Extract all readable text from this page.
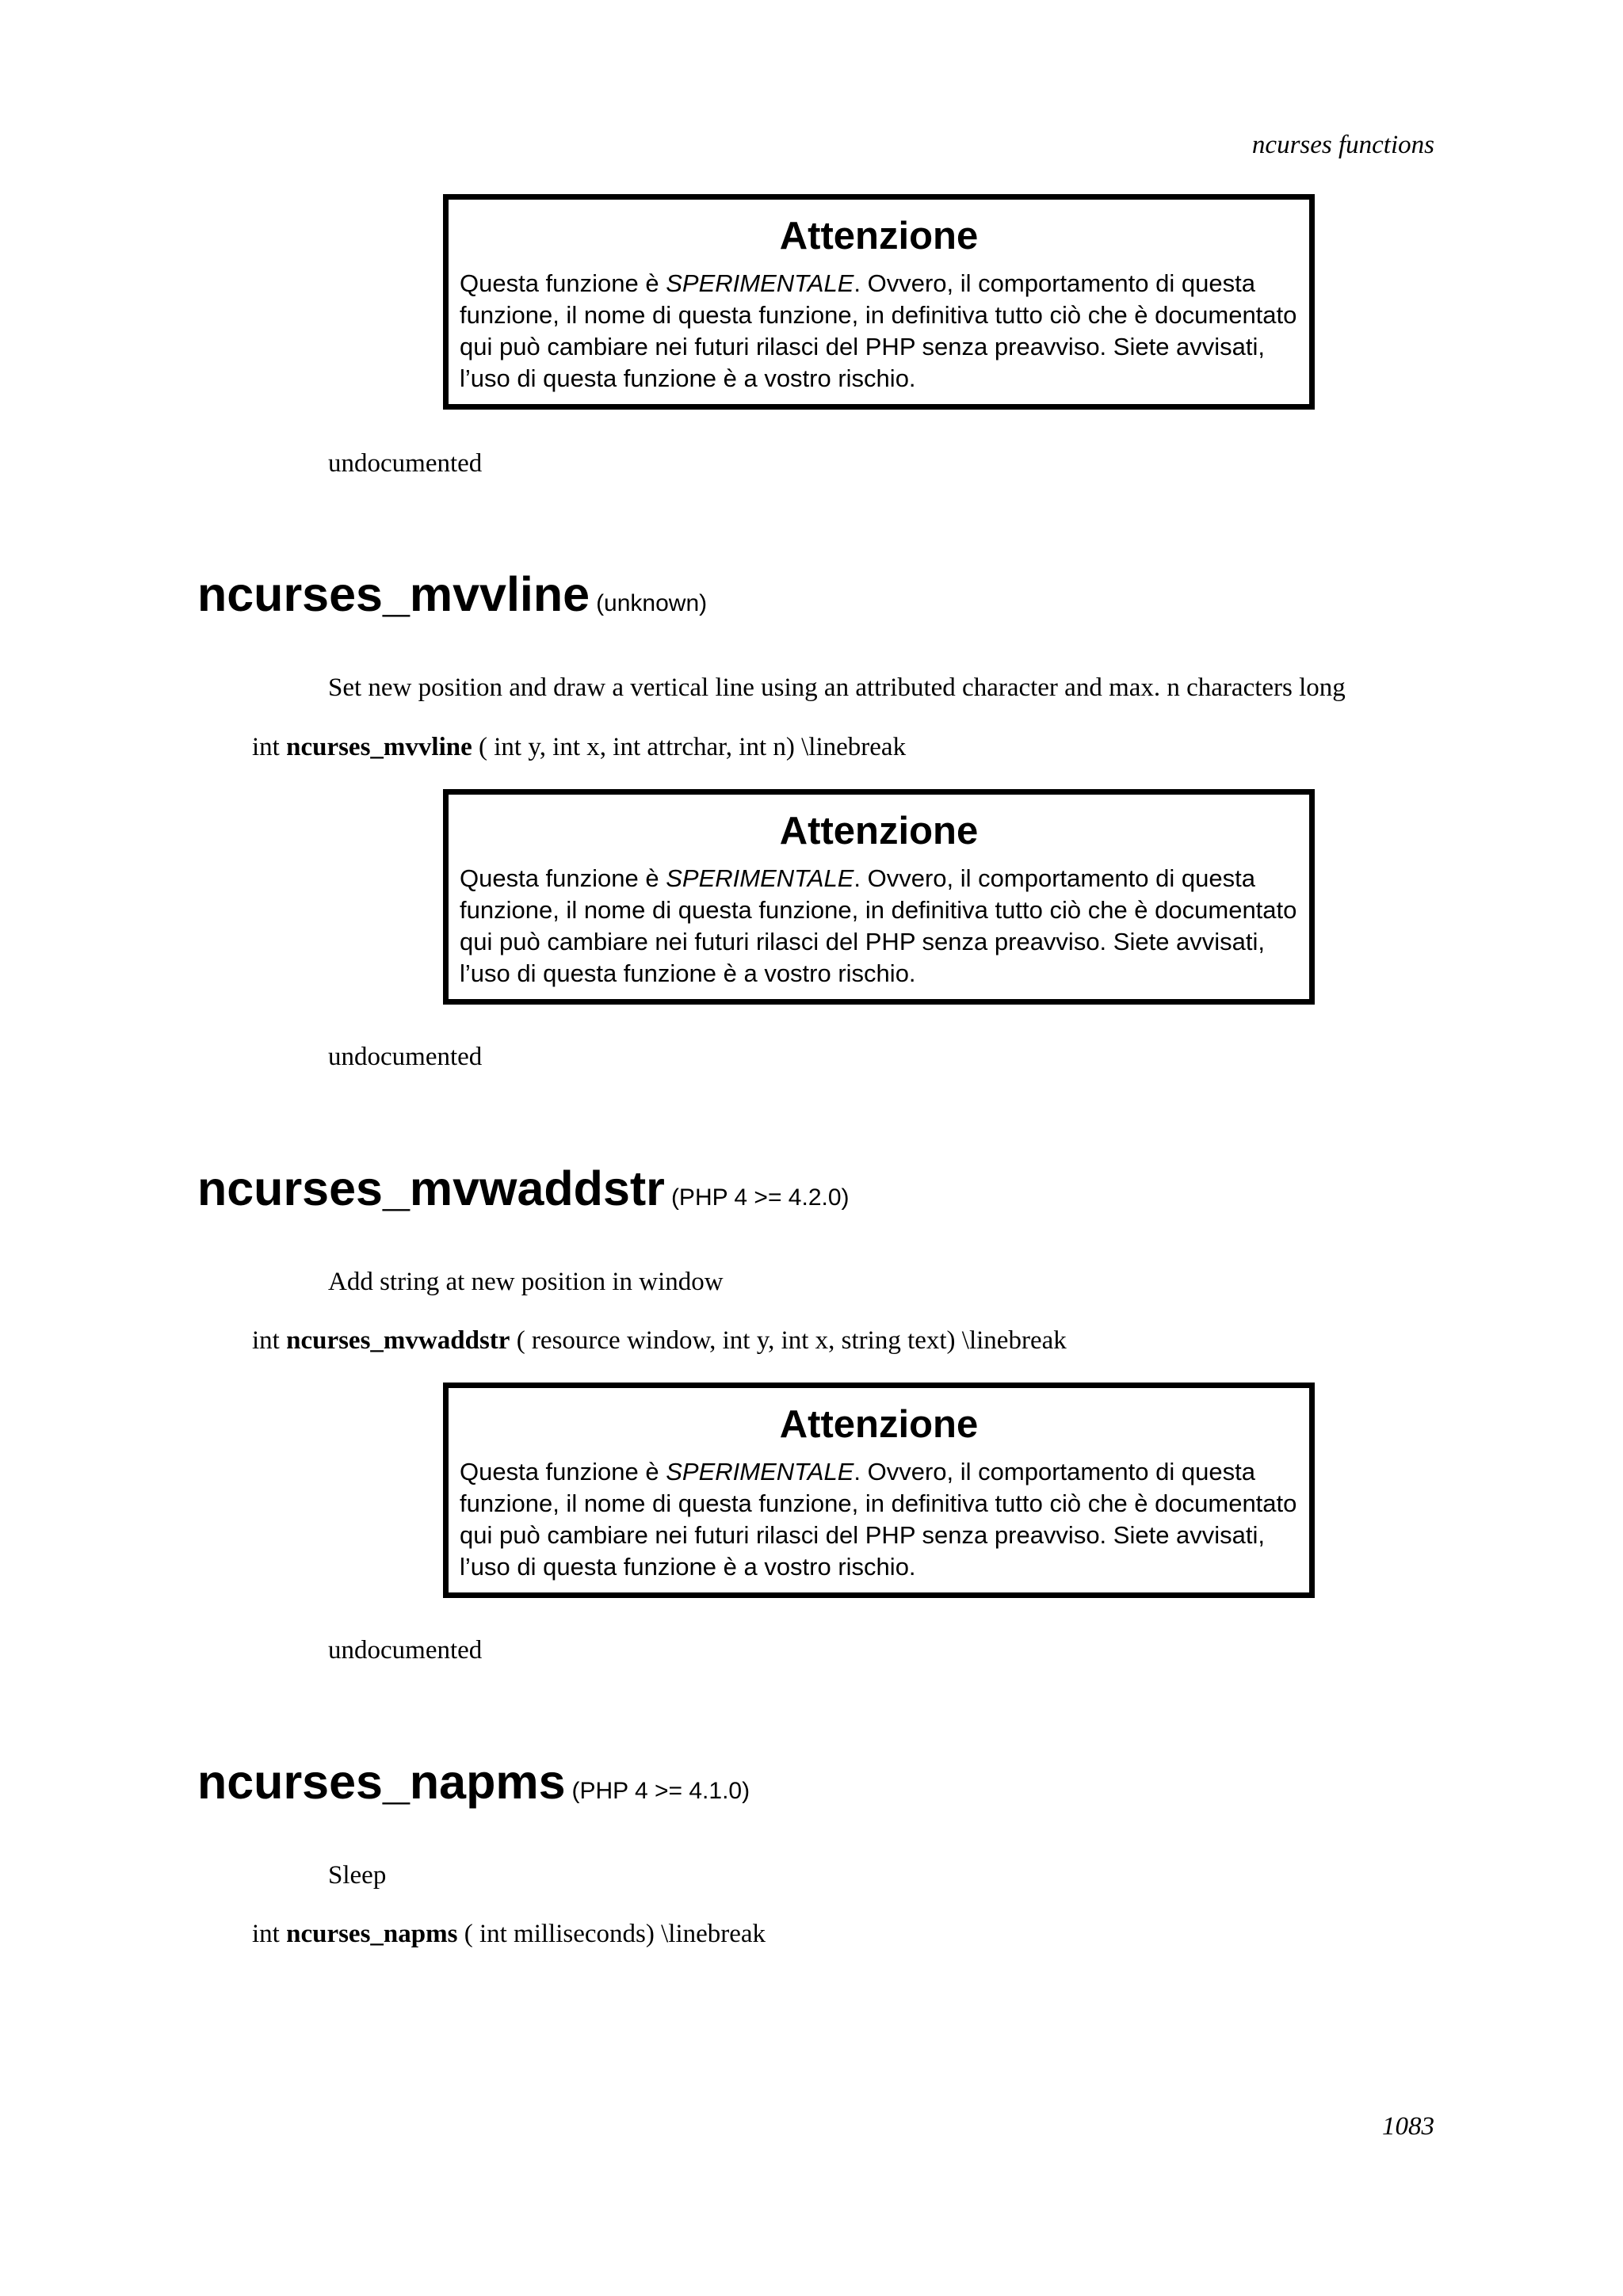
ncurses functions
Attenzione
Questa funzione è SPERIMENTALE. Ovvero, il comportamento di questa
funzione, il nome di questa funzione, in definitiva tutto ciò che è documentato
qui può cambiare nei futuri rilasci del PHP senza preavviso. Siete avvisati,
l’uso di questa funzione è a vostro rischio.
undocumented
ncurses_mvvline (unknown)
Set new position and draw a vertical line using an attributed character and max. n characters long
int ncurses_mvvline ( int y, int x, int attrchar, int n) \linebreak
Attenzione
Questa funzione è SPERIMENTALE. Ovvero, il comportamento di questa
funzione, il nome di questa funzione, in definitiva tutto ciò che è documentato
qui può cambiare nei futuri rilasci del PHP senza preavviso. Siete avvisati,
l’uso di questa funzione è a vostro rischio.
undocumented
ncurses_mvwaddstr (PHP 4 >= 4.2.0)
Add string at new position in window
int ncurses_mvwaddstr ( resource window, int y, int x, string text) \linebreak
Attenzione
Questa funzione è SPERIMENTALE. Ovvero, il comportamento di questa
funzione, il nome di questa funzione, in definitiva tutto ciò che è documentato
qui può cambiare nei futuri rilasci del PHP senza preavviso. Siete avvisati,
l’uso di questa funzione è a vostro rischio.
undocumented
ncurses_napms (PHP 4 >= 4.1.0)
Sleep
int ncurses_napms ( int milliseconds) \linebreak
1083
